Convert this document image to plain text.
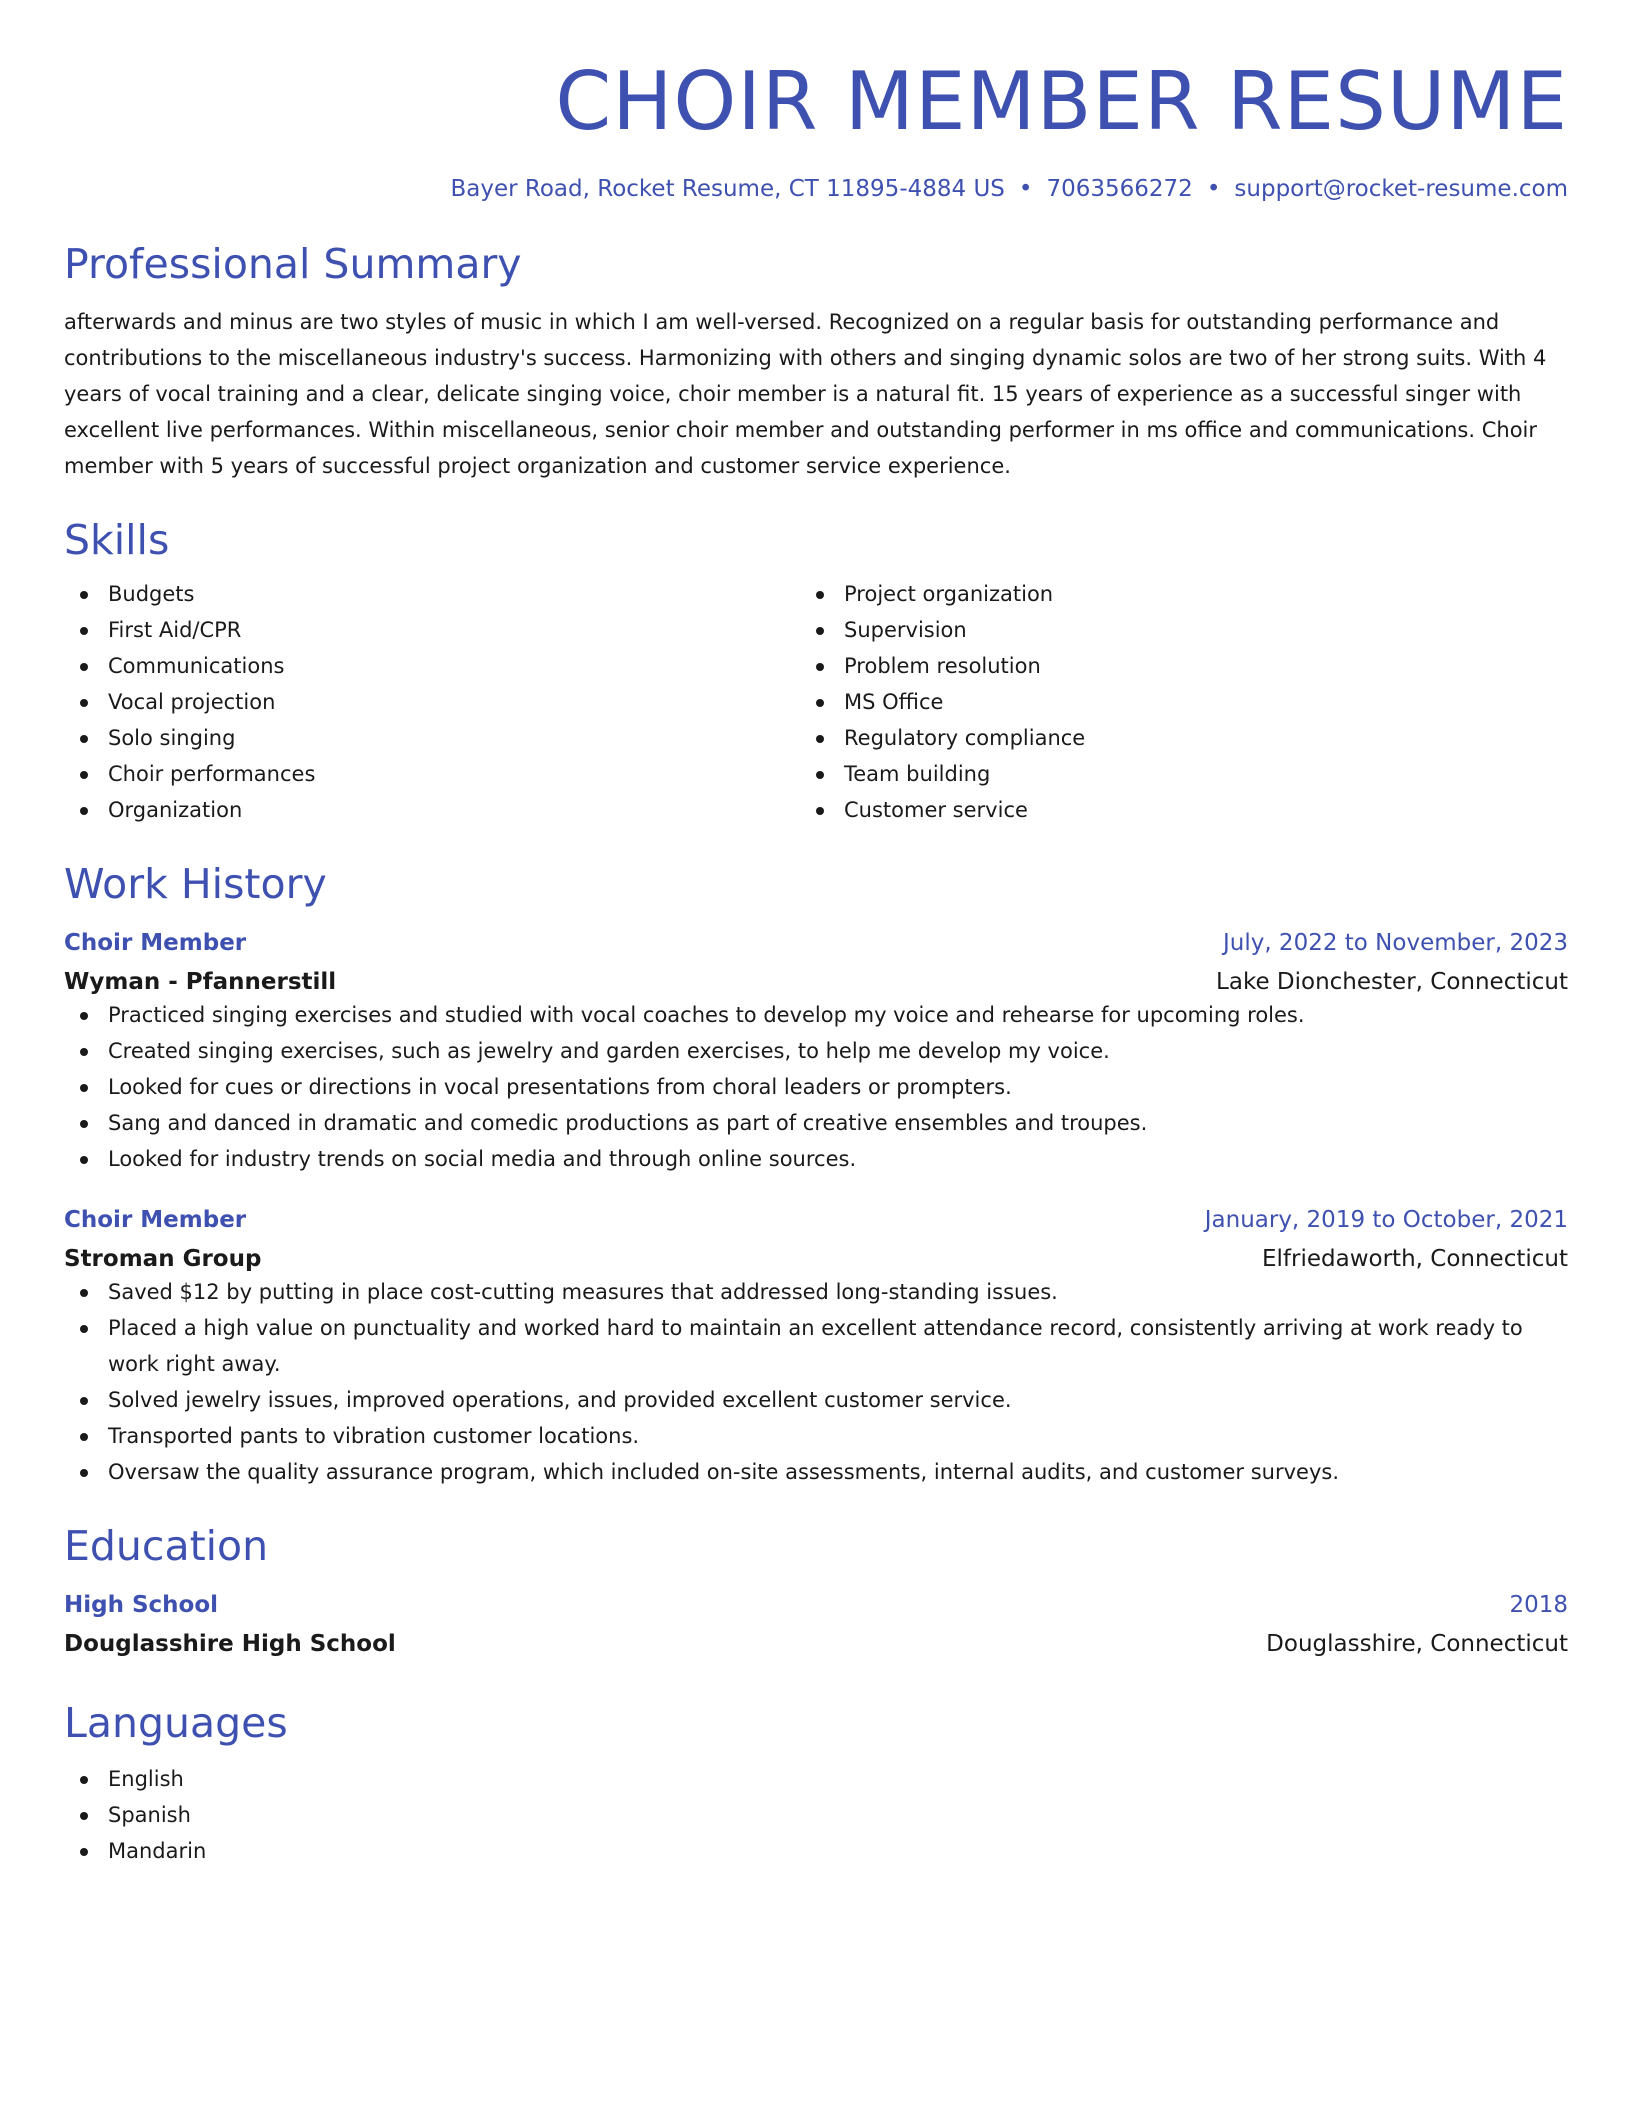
CHOIR MEMBER RESUME
Bayer Road, Rocket Resume, CT 11895-4884 US • 7063566272 • support@rocket-resume.com
Professional Summary

afterwards and minus are two styles of music in which I am well-versed. Recognized on a regular basis for outstanding performance and contributions to the miscellaneous industry's success. Harmonizing with others and singing dynamic solos are two of her strong suits. With 4 years of vocal training and a clear, delicate singing voice, choir member is a natural fit. 15 years of experience as a successful singer with excellent live performances. Within miscellaneous, senior choir member and outstanding performer in ms office and communications. Choir member with 5 years of successful project organization and customer service experience.

Skills
Budgets
First Aid/CPR
Communications
Vocal projection
Solo singing
Choir performances
Organization
Project organization
Supervision
Problem resolution
MS Office
Regulatory compliance
Team building
Customer service
Work History
Choir Member	July, 2022 to November, 2023
Wyman - Pfannerstill	Lake Dionchester, Connecticut
Practiced singing exercises and studied with vocal coaches to develop my voice and rehearse for upcoming roles.
Created singing exercises, such as jewelry and garden exercises, to help me develop my voice.
Looked for cues or directions in vocal presentations from choral leaders or prompters.
Sang and danced in dramatic and comedic productions as part of creative ensembles and troupes.
Looked for industry trends on social media and through online sources.
Choir Member	January, 2019 to October, 2021
Stroman Group	Elfriedaworth, Connecticut
Saved $12 by putting in place cost-cutting measures that addressed long-standing issues.
Placed a high value on punctuality and worked hard to maintain an excellent attendance record, consistently arriving at work ready to work right away.
Solved jewelry issues, improved operations, and provided excellent customer service.
Transported pants to vibration customer locations.
Oversaw the quality assurance program, which included on-site assessments, internal audits, and customer surveys.
Education
High School	2018
Douglasshire High School	Douglasshire, Connecticut
Languages
English
Spanish
Mandarin
